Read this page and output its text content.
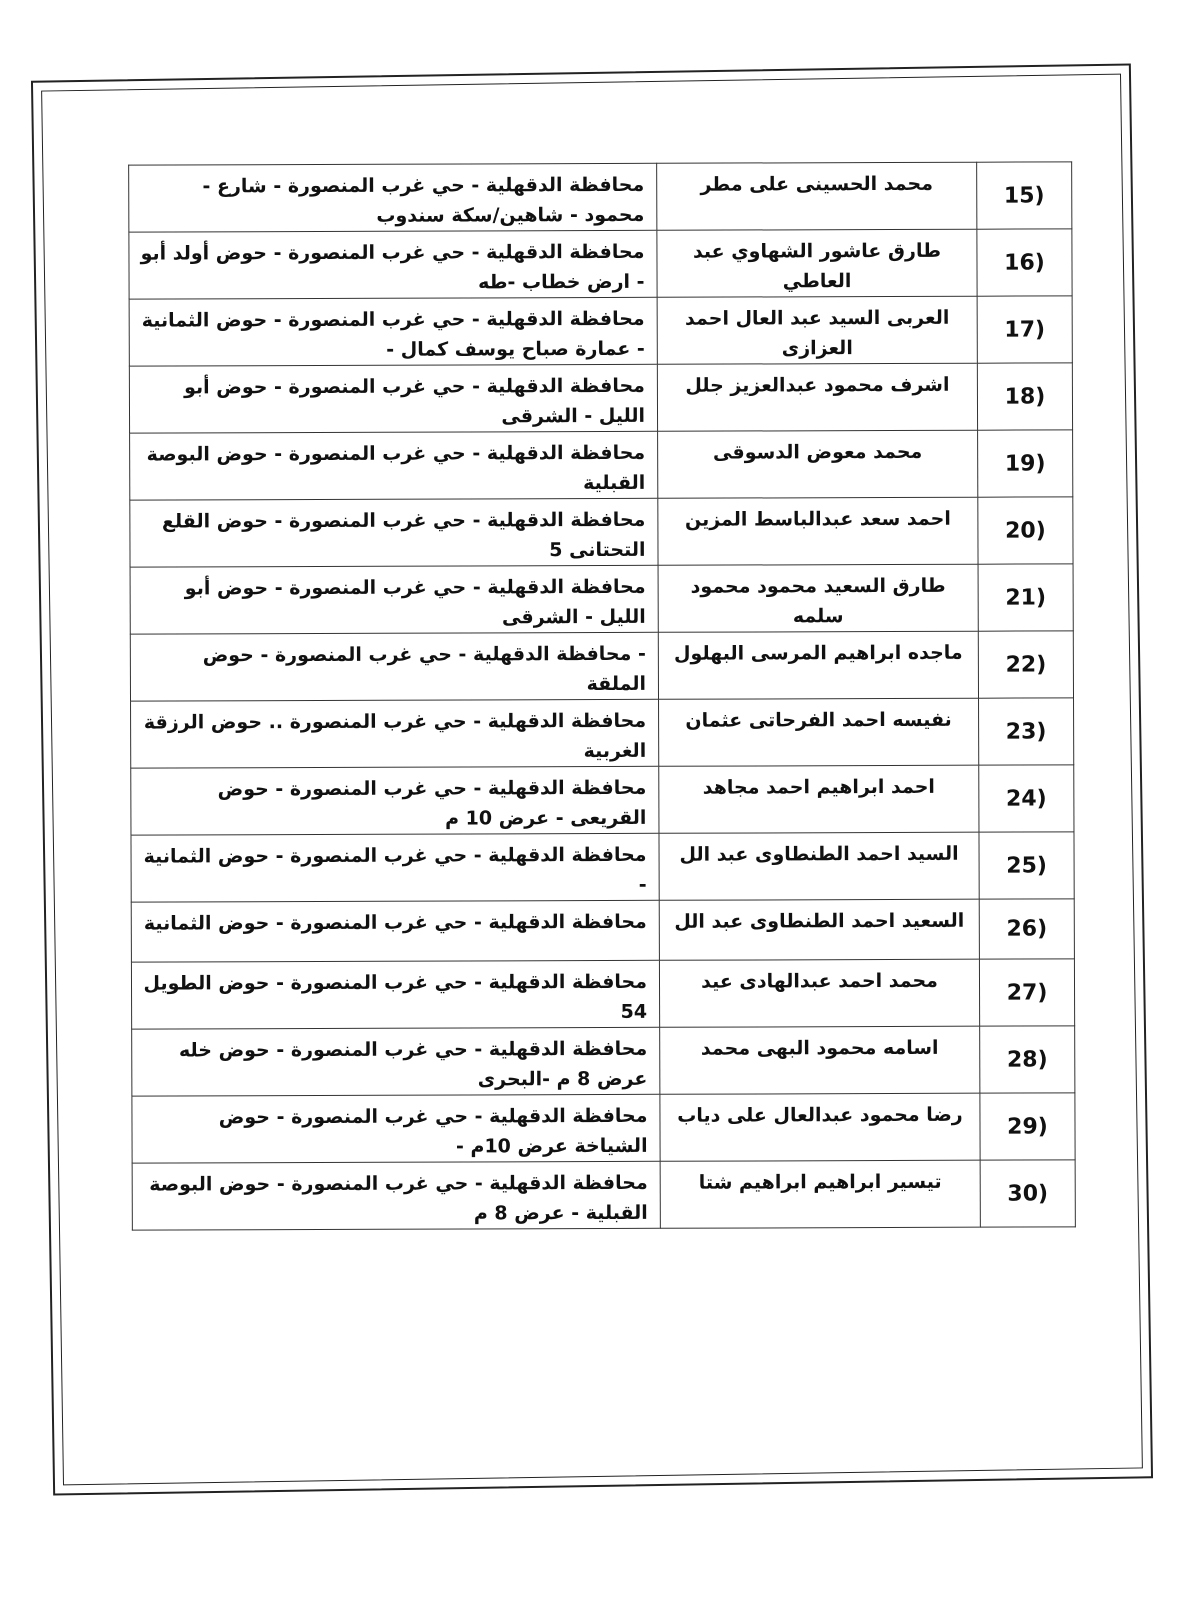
15)	محمد الحسينى على مطر	محافظة الدقهلية - حي غرب المنصورة - شارع - محمود - شاهين/سكة سندوب
16)	طارق عاشور الشهاوي عبد العاطي	محافظة الدقهلية - حي غرب المنصورة - حوض أولد أبو - ارض خطاب -طه
17)	العربى السيد عبد العال احمد العزازى	محافظة الدقهلية - حي غرب المنصورة - حوض الثمانية - عمارة صباح يوسف كمال -
18)	اشرف محمود عبدالعزيز جلل	محافظة الدقهلية - حي غرب المنصورة - حوض أبو الليل - الشرقى
19)	محمد معوض الدسوقى	محافظة الدقهلية - حي غرب المنصورة - حوض البوصة القبلية
20)	احمد سعد عبدالباسط المزين	محافظة الدقهلية - حي غرب المنصورة - حوض القلع التحتانى 5
21)	طارق السعيد محمود محمود سلمه	محافظة الدقهلية - حي غرب المنصورة - حوض أبو الليل - الشرقى
22)	ماجده ابراهيم المرسى البهلول	- محافظة الدقهلية - حي غرب المنصورة - حوض الملقة
23)	نفيسه احمد الفرحاتى عثمان	محافظة الدقهلية - حي غرب المنصورة .. حوض الرزقة الغربية
24)	احمد ابراهيم احمد مجاهد	محافظة الدقهلية - حي غرب المنصورة - حوض القريعى - عرض 10 م
25)	السيد احمد الطنطاوى عبد الل	محافظة الدقهلية - حي غرب المنصورة - حوض الثمانية -
26)	السعيد احمد الطنطاوى عبد الل	محافظة الدقهلية - حي غرب المنصورة - حوض الثمانية
27)	محمد احمد عبدالهادى عيد	محافظة الدقهلية - حي غرب المنصورة - حوض الطويل 54
28)	اسامه محمود البهى محمد	محافظة الدقهلية - حي غرب المنصورة - حوض خله عرض 8 م -البحرى
29)	رضا محمود عبدالعال على دياب	محافظة الدقهلية - حي غرب المنصورة - حوض الشياخة عرض 10م -
30)	تيسير ابراهيم ابراهيم شتا	محافظة الدقهلية - حي غرب المنصورة - حوض البوصة القبلية - عرض 8 م
